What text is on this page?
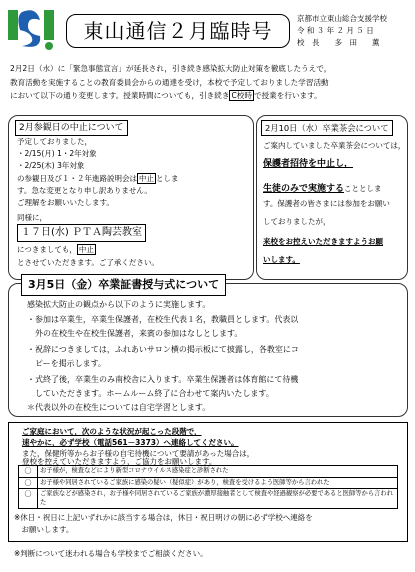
東山通信２月臨時号
京都市立東山総合支援学校
令 和 ３ 年 ２ 月 ５ 日
校　長　　多　田　　薫
2月2日（水）に「緊急事態宣言」が延長され，引き続き感染拡大防止対策を徹底したうえで，
教育活動を実施することの教育委員会からの通達を受け，本校で予定しておりました学習活動
において以下の通り変更します。授業時間についても，引き続き C校時 で授業を行います。
2月参観日の中止について
予定しておりました，
・2/15(月) 1・2年対象
・2/25(木) 3年対象
の参観日及び１・２年進路説明会は 中止 としま
す。急な変更となり申し訳ありません。
ご理解をお願いいたします。
同様に，
１７日(水) ＰＴＡ陶芸教室
につきましても， 中止
とさせていただきます。ご了承ください。
2月10日（水）卒業茶会について
ご案内していました卒業茶会については，
保護者招待を中止し，
生徒のみで実施することとしま
す。保護者の皆さまには参加をお願い
しておりましたが，
来校をお控えいただきますようお願
いします。
3月5日（金）卒業証書授与式について
感染拡大防止の観点から以下のように実施します。
・参加は卒業生，卒業生保護者，在校生代表１名，教職員とします。代表以
　外の在校生や在校生保護者，来賓の参加はなしとします。
・祝辞につきましては，ふれあいサロン横の掲示板にて披露し，各教室にコ
　ピーを掲示します。
・式終了後，卒業生のみ南校舎に入ります。卒業生保護者は体育館にて待機
　していただきます。ホームルーム終了に合わせて案内いたします。
＊代表以外の在校生については自宅学習とします。
ご家庭において，次のような状況が起こった段階で，
速やかに，必ず学校（電話561－3373）へ連絡してください。
また，保健所等からお子様の自宅待機について要請があった場合は，
登校を控えていただきますよう，ご協力をお願いします。
〇	お子様が，検査などにより新型コロナウイルス感染症と診断された
〇	お子様や同居されているご家族に感染の疑い（疑似症）があり，検査を受けるよう医師等から言われた
〇	ご家族などが感染され，お子様や同居されているご家族が濃厚接触者として検査や経過観察が必要であると医師等から言われた
※休日・祝日に上記いずれかに該当する場合は，休日・祝日明けの朝に必ず学校へ連絡を
　お願いします。
※判断について迷われる場合も学校までご相談ください。
